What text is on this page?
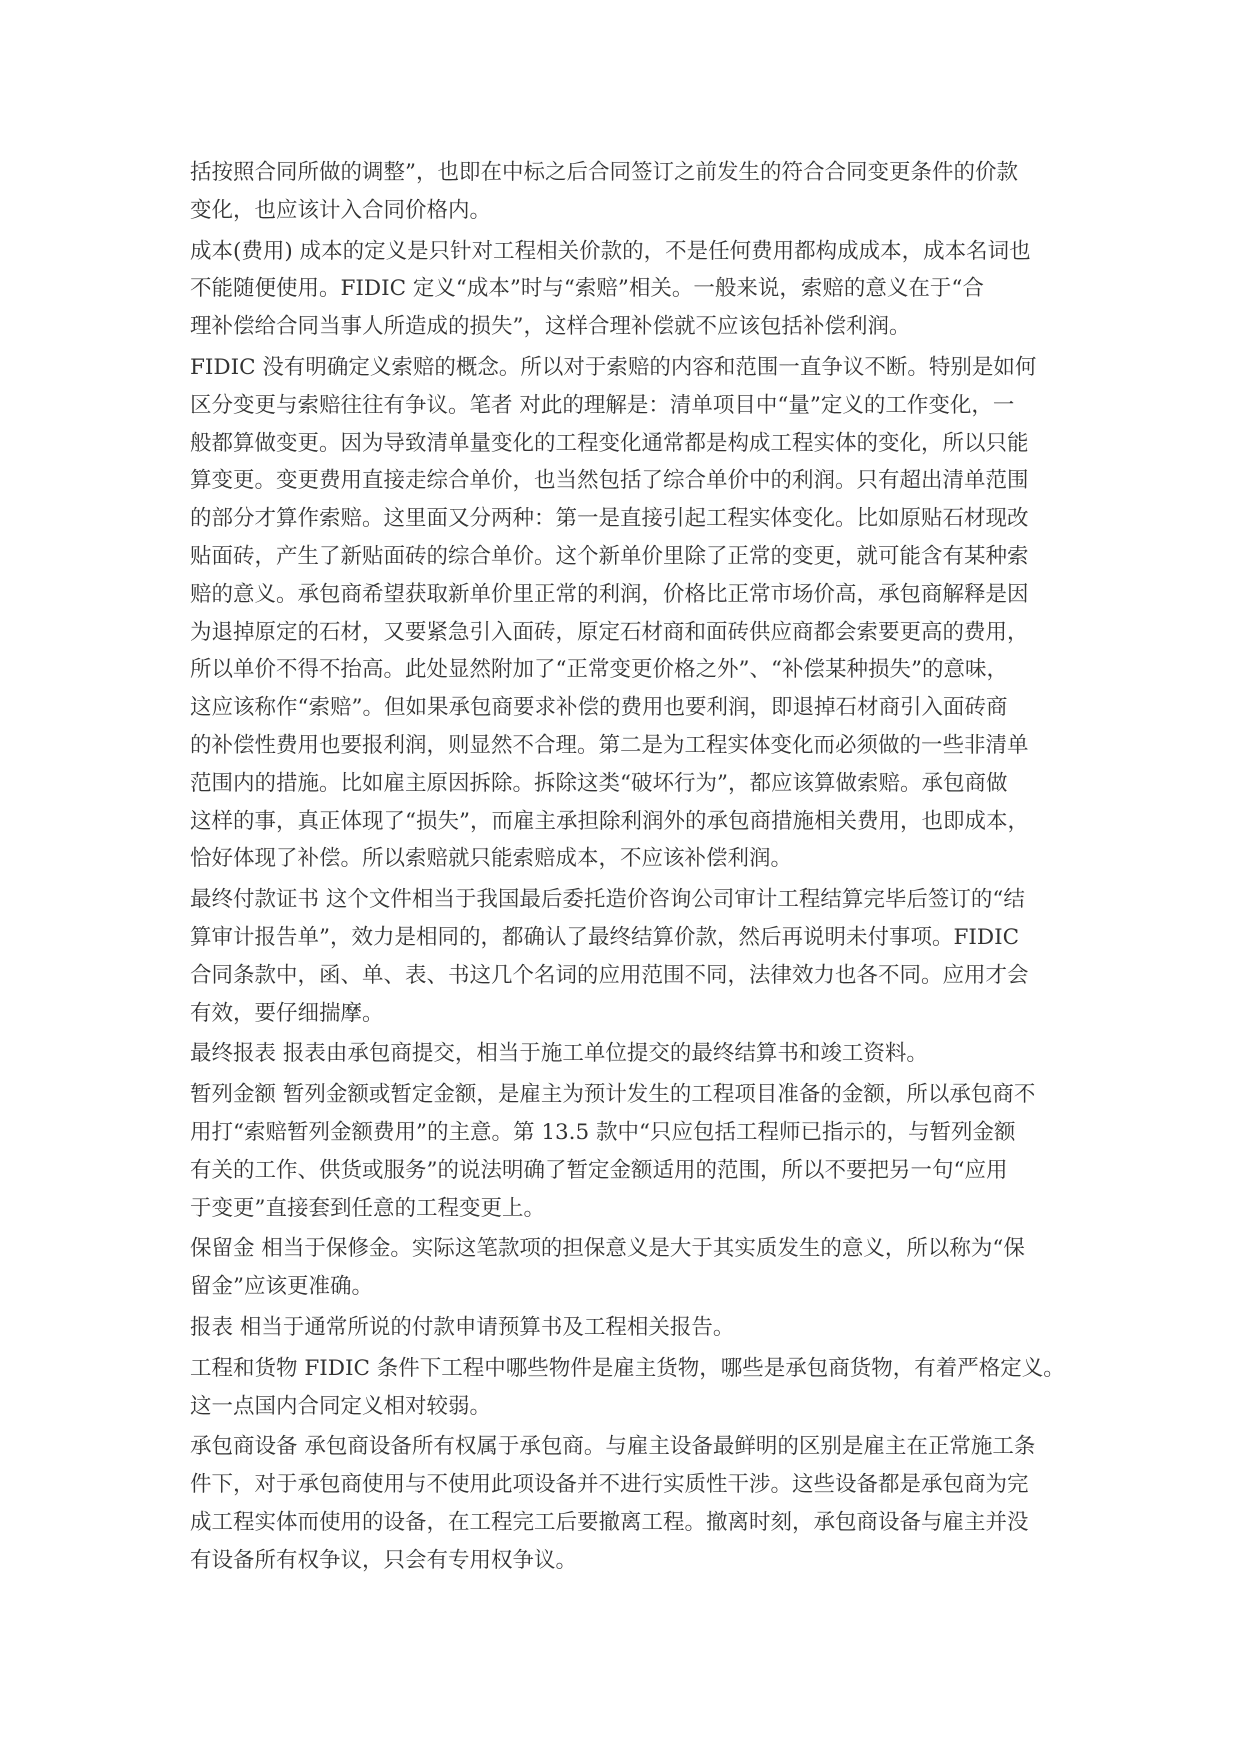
括按照合同所做的调整”，也即在中标之后合同签订之前发生的符合合同变更条件的价款
变化，也应该计入合同价格内。
成本(费用) 成本的定义是只针对工程相关价款的，不是任何费用都构成成本，成本名词也
不能随便使用。FIDIC 定义“成本”时与“索赔”相关。一般来说，索赔的意义在于“合
理补偿给合同当事人所造成的损失”，这样合理补偿就不应该包括补偿利润。
FIDIC 没有明确定义索赔的概念。所以对于索赔的内容和范围一直争议不断。特别是如何
区分变更与索赔往往有争议。笔者 对此的理解是：清单项目中“量”定义的工作变化，一
般都算做变更。因为导致清单量变化的工程变化通常都是构成工程实体的变化，所以只能
算变更。变更费用直接走综合单价，也当然包括了综合单价中的利润。只有超出清单范围
的部分才算作索赔。这里面又分两种：第一是直接引起工程实体变化。比如原贴石材现改
贴面砖，产生了新贴面砖的综合单价。这个新单价里除了正常的变更，就可能含有某种索
赔的意义。承包商希望获取新单价里正常的利润，价格比正常市场价高，承包商解释是因
为退掉原定的石材，又要紧急引入面砖，原定石材商和面砖供应商都会索要更高的费用，
所以单价不得不抬高。此处显然附加了“正常变更价格之外”、“补偿某种损失”的意味，
这应该称作“索赔”。但如果承包商要求补偿的费用也要利润，即退掉石材商引入面砖商
的补偿性费用也要报利润，则显然不合理。第二是为工程实体变化而必须做的一些非清单
范围内的措施。比如雇主原因拆除。拆除这类“破坏行为”，都应该算做索赔。承包商做
这样的事，真正体现了“损失”，而雇主承担除利润外的承包商措施相关费用，也即成本，
恰好体现了补偿。所以索赔就只能索赔成本，不应该补偿利润。
最终付款证书 这个文件相当于我国最后委托造价咨询公司审计工程结算完毕后签订的“结
算审计报告单”，效力是相同的，都确认了最终结算价款，然后再说明未付事项。FIDIC
合同条款中，函、单、表、书这几个名词的应用范围不同，法律效力也各不同。应用才会
有效，要仔细揣摩。
最终报表 报表由承包商提交，相当于施工单位提交的最终结算书和竣工资料。
暂列金额 暂列金额或暂定金额，是雇主为预计发生的工程项目准备的金额，所以承包商不
用打“索赔暂列金额费用”的主意。第 13.5 款中“只应包括工程师已指示的，与暂列金额
有关的工作、供货或服务”的说法明确了暂定金额适用的范围，所以不要把另一句“应用
于变更”直接套到任意的工程变更上。
保留金 相当于保修金。实际这笔款项的担保意义是大于其实质发生的意义，所以称为“保
留金”应该更准确。
报表 相当于通常所说的付款申请预算书及工程相关报告。
工程和货物 FIDIC 条件下工程中哪些物件是雇主货物，哪些是承包商货物，有着严格定义。
这一点国内合同定义相对较弱。
承包商设备 承包商设备所有权属于承包商。与雇主设备最鲜明的区别是雇主在正常施工条
件下，对于承包商使用与不使用此项设备并不进行实质性干涉。这些设备都是承包商为完
成工程实体而使用的设备，在工程完工后要撤离工程。撤离时刻，承包商设备与雇主并没
有设备所有权争议，只会有专用权争议。
